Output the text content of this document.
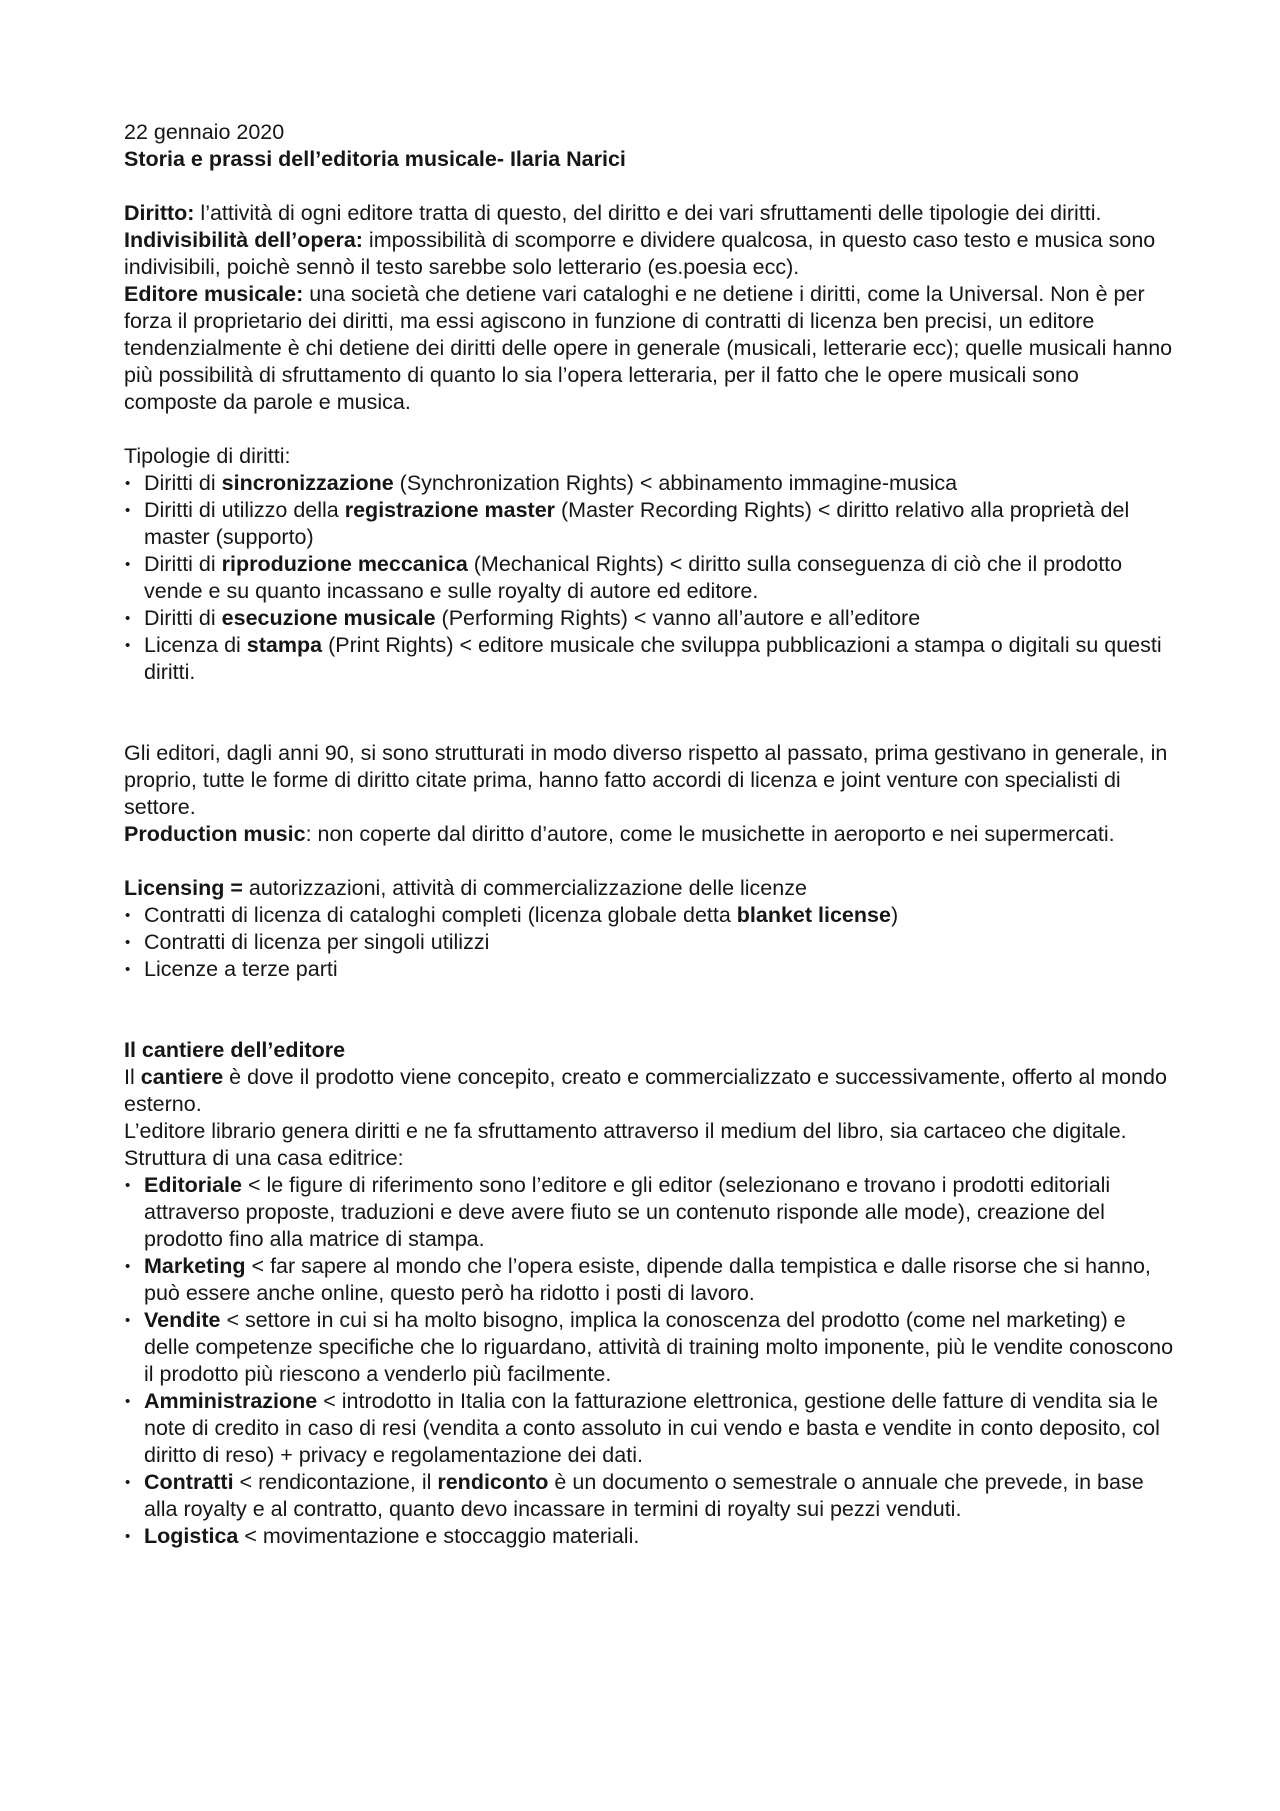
22 gennaio 2020

Storia e prassi dell’editoria musicale- Ilaria Narici

Diritto: l’attività di ogni editore tratta di questo, del diritto e dei vari sfruttamenti delle tipologie dei diritti.

Indivisibilità dell’opera: impossibilità di scomporre e dividere qualcosa, in questo caso testo e musica sono indivisibili, poichè sennò il testo sarebbe solo letterario (es.poesia ecc).

Editore musicale: una società che detiene vari cataloghi e ne detiene i diritti, come la Universal. Non è per forza il proprietario dei diritti, ma essi agiscono in funzione di contratti di licenza ben precisi, un editore tendenzialmente è chi detiene dei diritti delle opere in generale (musicali, letterarie ecc); quelle musicali hanno più possibilità di sfruttamento di quanto lo sia l’opera letteraria, per il fatto che le opere musicali sono composte da parole e musica.

Tipologie di diritti:

• Diritti di sincronizzazione (Synchronization Rights) < abbinamento immagine-musica
• Diritti di utilizzo della registrazione master (Master Recording Rights) < diritto relativo alla proprietà del master (supporto)
• Diritti di riproduzione meccanica (Mechanical Rights) < diritto sulla conseguenza di ciò che il prodotto vende e su quanto incassano e sulle royalty di autore ed editore.
• Diritti di esecuzione musicale (Performing Rights) < vanno all’autore e all’editore
• Licenza di stampa (Print Rights) < editore musicale che sviluppa pubblicazioni a stampa o digitali su questi diritti.

Gli editori, dagli anni 90, si sono strutturati in modo diverso rispetto al passato, prima gestivano in generale, in proprio, tutte le forme di diritto citate prima, hanno fatto accordi di licenza e joint venture con specialisti di settore.

Production music: non coperte dal diritto d’autore, come le musichette in aeroporto e nei supermercati.

Licensing = autorizzazioni, attività di commercializzazione delle licenze

• Contratti di licenza di cataloghi completi (licenza globale detta blanket license)
• Contratti di licenza per singoli utilizzi
• Licenze a terze parti

Il cantiere dell’editore

Il cantiere è dove il prodotto viene concepito, creato e commercializzato e successivamente, offerto al mondo esterno.

L’editore librario genera diritti e ne fa sfruttamento attraverso il medium del libro, sia cartaceo che digitale.

Struttura di una casa editrice:

• Editoriale < le figure di riferimento sono l’editore e gli editor (selezionano e trovano i prodotti editoriali attraverso proposte, traduzioni e deve avere fiuto se un contenuto risponde alle mode), creazione del prodotto fino alla matrice di stampa.
• Marketing < far sapere al mondo che l’opera esiste, dipende dalla tempistica e dalle risorse che si hanno, può essere anche online, questo però ha ridotto i posti di lavoro.
• Vendite < settore in cui si ha molto bisogno, implica la conoscenza del prodotto (come nel marketing) e delle competenze specifiche che lo riguardano, attività di training molto imponente, più le vendite conoscono il prodotto più riescono a venderlo più facilmente.
• Amministrazione < introdotto in Italia con la fatturazione elettronica, gestione delle fatture di vendita sia le note di credito in caso di resi (vendita a conto assoluto in cui vendo e basta e vendite in conto deposito, col diritto di reso) + privacy e regolamentazione dei dati.
• Contratti < rendicontazione, il rendiconto è un documento o semestrale o annuale che prevede, in base alla royalty e al contratto, quanto devo incassare in termini di royalty sui pezzi venduti.
• Logistica < movimentazione e stoccaggio materiali.
